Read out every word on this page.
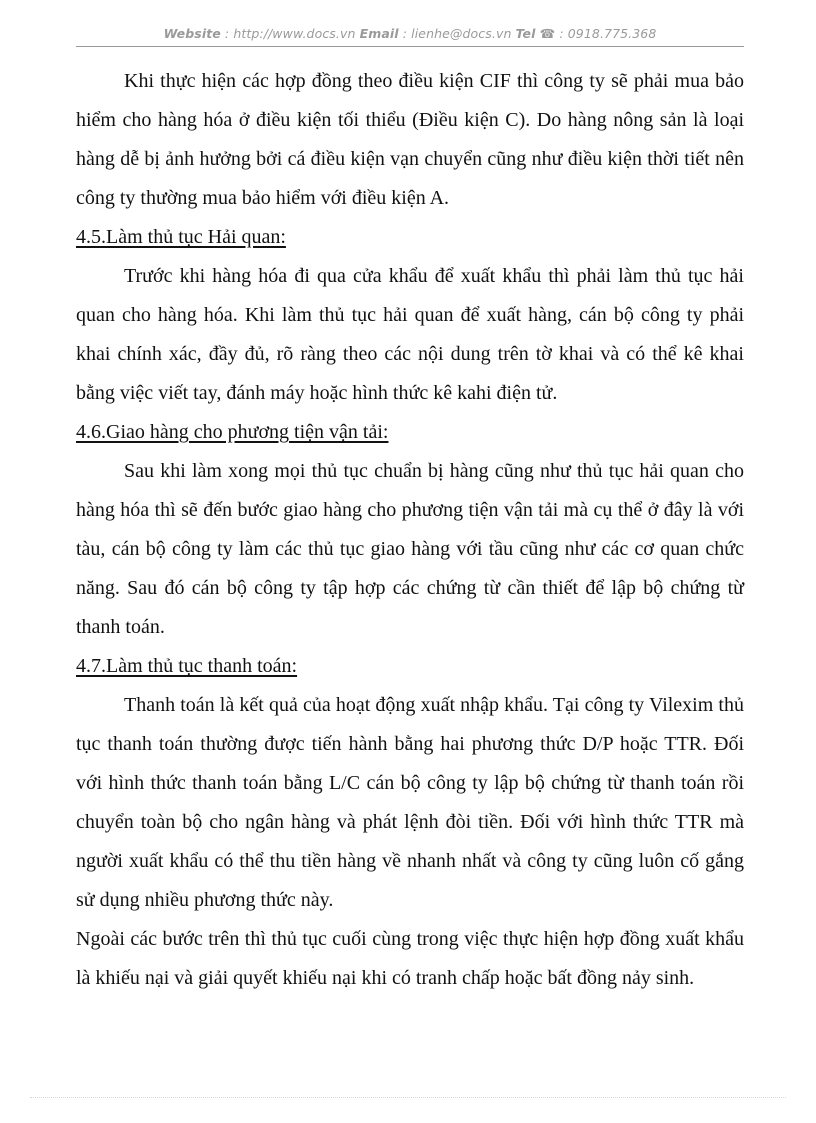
Website : http://www.docs.vn Email : lienhe@docs.vn Tel ☎ : 0918.775.368

Khi thực hiện các hợp đồng theo điều kiện CIF thì công ty sẽ phải mua bảo hiểm cho hàng hóa ở điều kiện tối thiểu (Điều kiện C). Do hàng nông sản là loại hàng dễ bị ảnh hưởng bởi cá điều kiện vạn chuyển cũng như điều kiện thời tiết nên công ty thường mua bảo hiểm với điều kiện A.

4.5.Làm thủ tục Hải quan:

Trước khi hàng hóa đi qua cửa khẩu để xuất khẩu thì phải làm thủ tục hải quan cho hàng hóa. Khi làm thủ tục hải quan để xuất hàng, cán bộ công ty phải khai chính xác, đầy đủ, rõ ràng theo các nội dung trên tờ khai và có thể kê khai bằng việc viết tay, đánh máy hoặc hình thức kê kahi điện tử.

4.6.Giao hàng cho phương tiện vận tải:

Sau khi làm xong mọi thủ tục chuẩn bị hàng cũng như thủ tục hải quan cho hàng hóa thì sẽ đến bước giao hàng cho phương tiện vận tải mà cụ thể ở đây là với tàu, cán bộ công ty làm các thủ tục giao hàng với tầu cũng như các cơ quan chức năng. Sau đó cán bộ công ty tập hợp các chứng từ cần thiết để lập bộ chứng từ thanh toán.

4.7.Làm thủ tục thanh toán:

Thanh toán là kết quả của hoạt động xuất nhập khẩu. Tại công ty Vilexim thủ tục thanh toán thường được tiến hành bằng hai phương thức D/P hoặc TTR. Đối với hình thức thanh toán bằng L/C cán bộ công ty lập bộ chứng từ thanh toán rồi chuyển toàn bộ cho ngân hàng và phát lệnh đòi tiền. Đối với hình thức TTR mà người xuất khẩu có thể thu tiền hàng về nhanh nhất và công ty cũng luôn cố gắng sử dụng nhiều phương thức này.

Ngoài các bước trên thì thủ tục cuối cùng trong việc thực hiện hợp đồng xuất khẩu là khiếu nại và giải quyết khiếu nại khi có tranh chấp hoặc bất đồng nảy sinh.
